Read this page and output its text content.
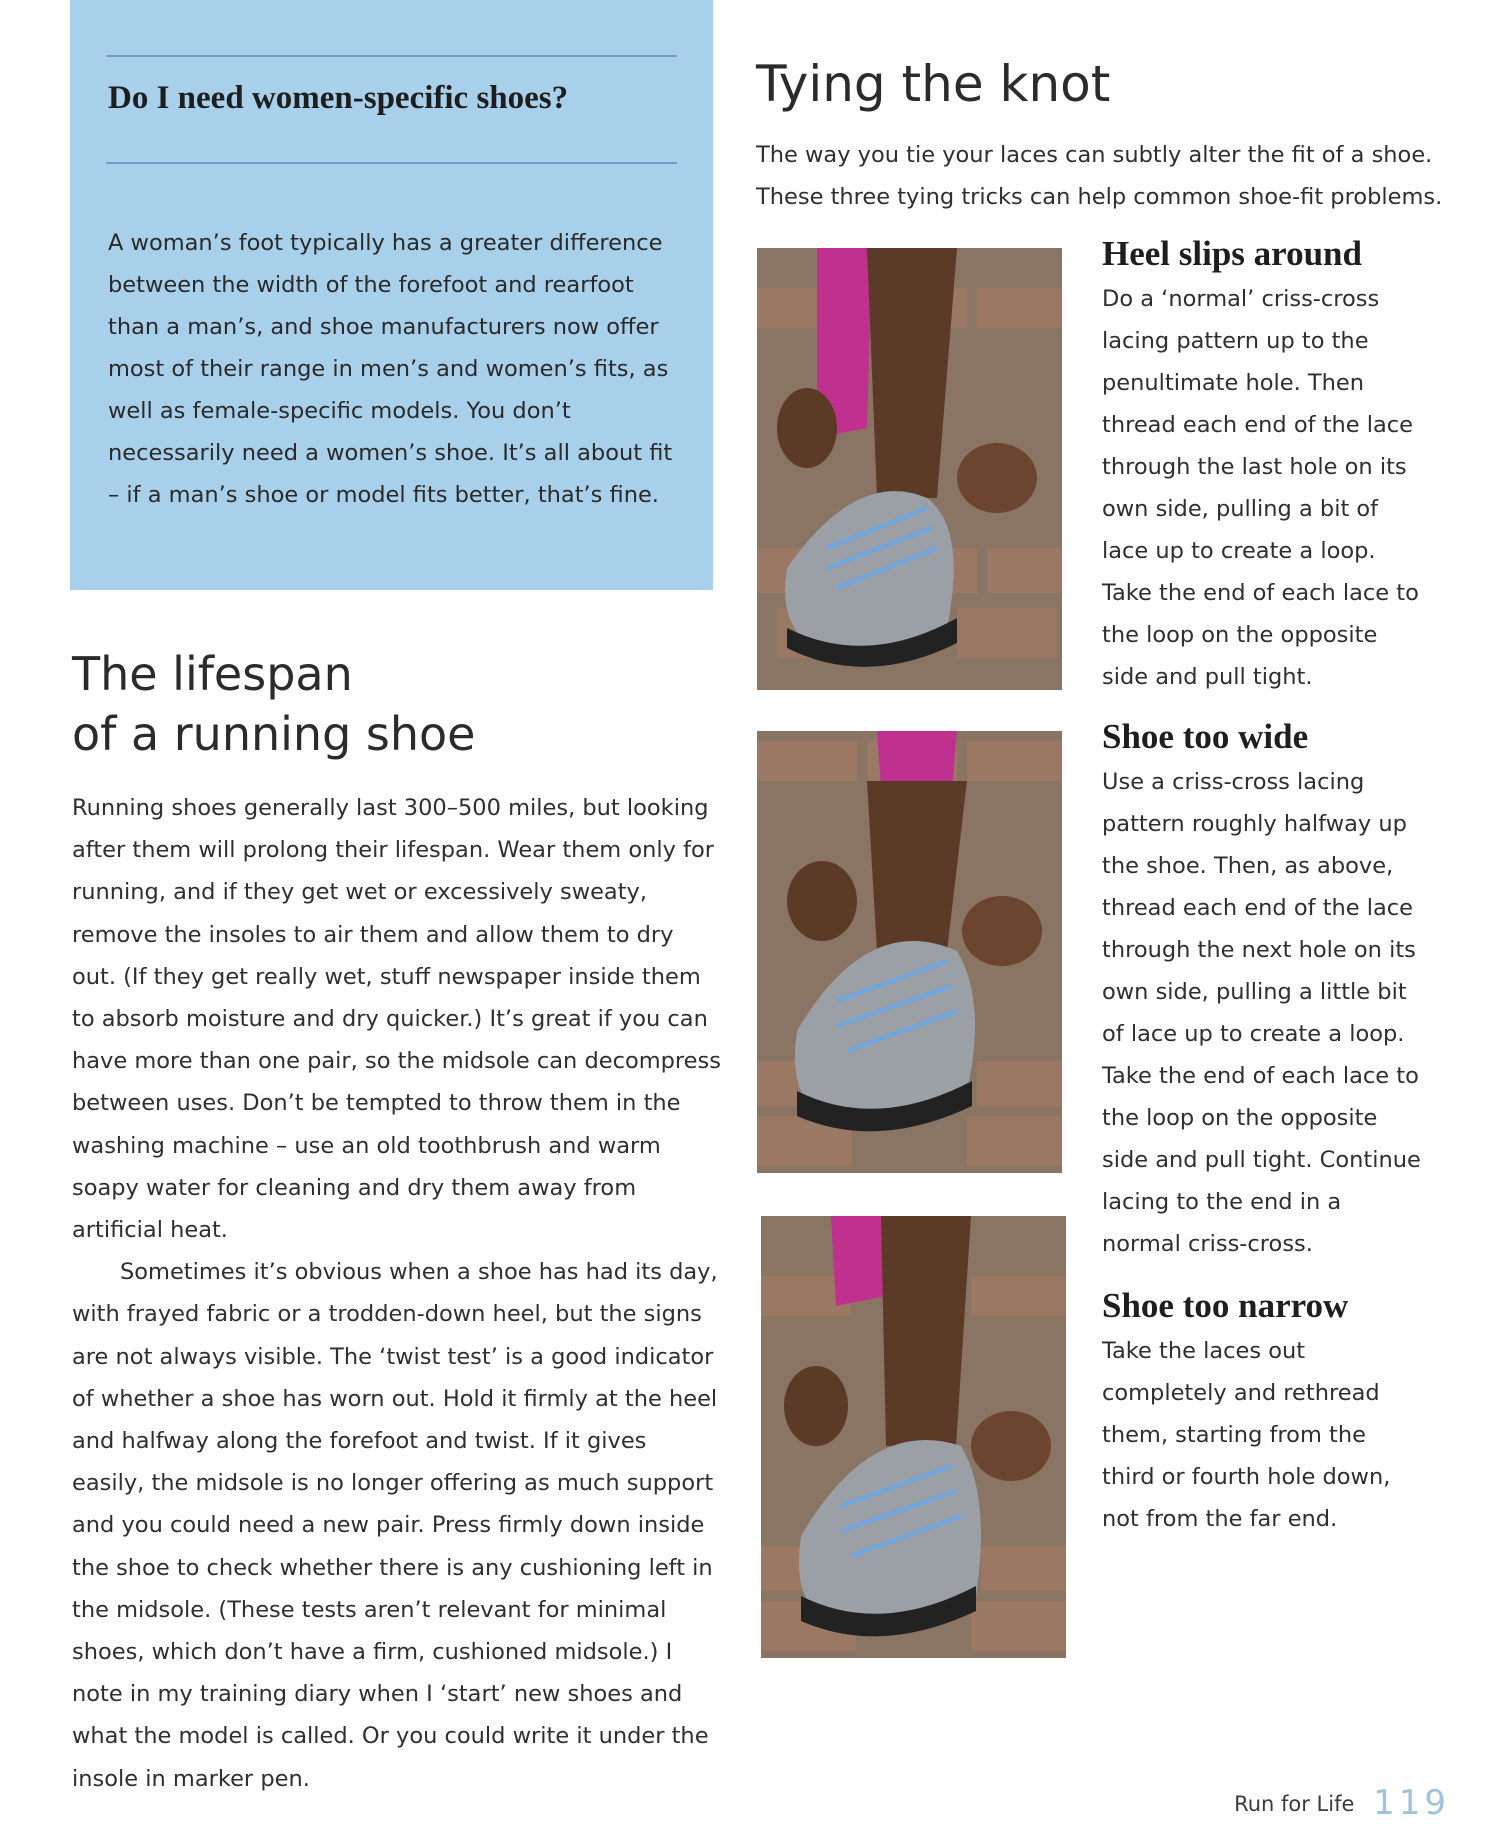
Do I need women-specific shoes?

A woman’s foot typically has a greater difference between the width of the forefoot and rearfoot than a man’s, and shoe manufacturers now offer most of their range in men’s and women’s fits, as well as female-specific models. You don’t necessarily need a women’s shoe. It’s all about fit – if a man’s shoe or model fits better, that’s fine.

The lifespan
of a running shoe

Running shoes generally last 300–500 miles, but looking after them will prolong their lifespan. Wear them only for running, and if they get wet or excessively sweaty, remove the insoles to air them and allow them to dry out. (If they get really wet, stuff newspaper inside them to absorb moisture and dry quicker.) It’s great if you can have more than one pair, so the midsole can decompress between uses. Don’t be tempted to throw them in the washing machine – use an old toothbrush and warm soapy water for cleaning and dry them away from artificial heat.

Sometimes it’s obvious when a shoe has had its day, with frayed fabric or a trodden-down heel, but the signs are not always visible. The ‘twist test’ is a good indicator of whether a shoe has worn out. Hold it firmly at the heel and halfway along the forefoot and twist. If it gives easily, the midsole is no longer offering as much support and you could need a new pair. Press firmly down inside the shoe to check whether there is any cushioning left in the midsole. (These tests aren’t relevant for minimal shoes, which don’t have a firm, cushioned midsole.) I note in my training diary when I ‘start’ new shoes and what the model is called. Or you could write it under the insole in marker pen.

Tying the knot

The way you tie your laces can subtly alter the fit of a shoe. These three tying tricks can help common shoe-fit problems.

Heel slips around

Do a ‘normal’ criss-cross lacing pattern up to the penultimate hole. Then thread each end of the lace through the last hole on its own side, pulling a bit of lace up to create a loop. Take the end of each lace to the loop on the opposite side and pull tight.

Shoe too wide

Use a criss-cross lacing pattern roughly halfway up the shoe. Then, as above, thread each end of the lace through the next hole on its own side, pulling a little bit of lace up to create a loop. Take the end of each lace to the loop on the opposite side and pull tight. Continue lacing to the end in a normal criss-cross.

Shoe too narrow

Take the laces out completely and rethread them, starting from the third or fourth hole down, not from the far end.

Run for Life 119
